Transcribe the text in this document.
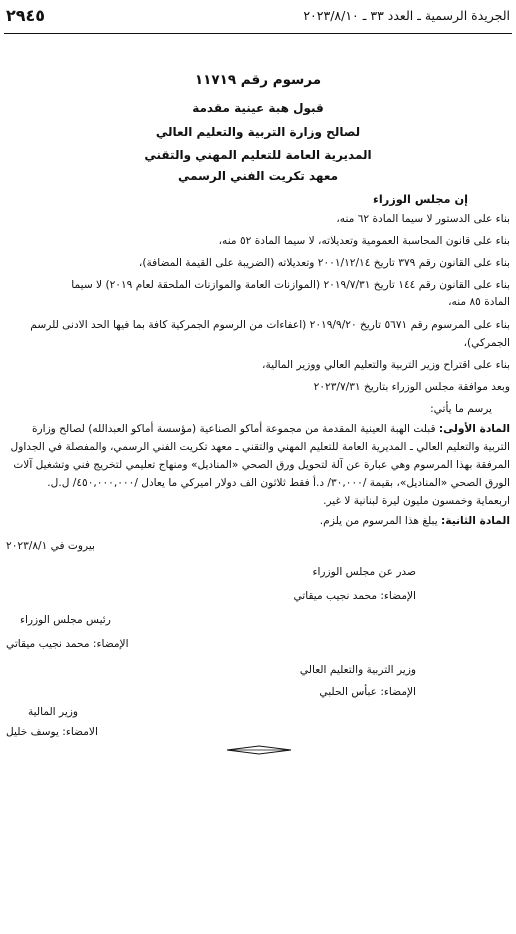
الجريدة الرسمية ـ العدد ٣٣ ـ ٢٠٢٣/٨/١٠
٢٩٤٥
مرسوم رقم ١١٧١٩
قبول هبة عينية مقدمة
لصالح وزارة التربية والتعليم العالي
المديرية العامة للتعليم المهني والتقني
معهد تكريت الفني الرسمي
إن مجلس الوزراء
بناء على الدستور لا سيما المادة ٦٢ منه،
بناء على قانون المحاسبة العمومية وتعديلاته، لا سيما المادة ٥٢ منه،
بناء على القانون رقم ٣٧٩ تاريخ ٢٠٠١/١٢/١٤ وتعديلاته (الضريبة على القيمة المضافة)،
بناء على القانون رقم ١٤٤ تاريخ ٢٠١٩/٧/٣١ (الموازنات العامة والموازنات الملحقة لعام ٢٠١٩) لا سيما
المادة ٨٥ منه،
بناء على المرسوم رقم ٥٦٧١ تاريخ ٢٠١٩/٩/٢٠ (اعفاءات من الرسوم الجمركية كافة بما فيها الحد الادنى للرسم
الجمركي)،
بناء على اقتراح وزير التربية والتعليم العالي ووزير المالية،
وبعد موافقة مجلس الوزراء بتاريخ ٢٠٢٣/٧/٣١
يرسم ما يأتي:
المادة الأولى: قبلت الهبة العينية المقدمة من مجموعة أماكو الصناعية (مؤسسة أماكو العبدالله) لصالح وزارة
التربية والتعليم العالي ـ المديرية العامة للتعليم المهني والتقني ـ معهد تكريت الفني الرسمي، والمفصلة في الجداول
المرفقة بهذا المرسوم وهي عبارة عن آلة لتحويل ورق الصحي «المناديل» ومنهاج تعليمي لتخريج فني وتشغيل آلات
الورق الصحي «المناديل»، بقيمة /٣٠,٠٠٠/ د.أ فقط ثلاثون الف دولار اميركي ما يعادل /٤٥٠,٠٠٠,٠٠٠/ ل.ل.
اربعماية وخمسون مليون ليرة لبنانية لا غير.
المادة الثانية: يبلغ هذا المرسوم من يلزم.
بيروت في ٢٠٢٣/٨/١
صدر عن مجلس الوزراء
الإمضاء: محمد نجيب ميقاتي
رئيس مجلس الوزراء
الإمضاء: محمد نجيب ميقاتي
وزير التربية والتعليم العالي
الإمضاء: عبأس الحلبي
وزير المالية
الامضاء: يوسف خليل
